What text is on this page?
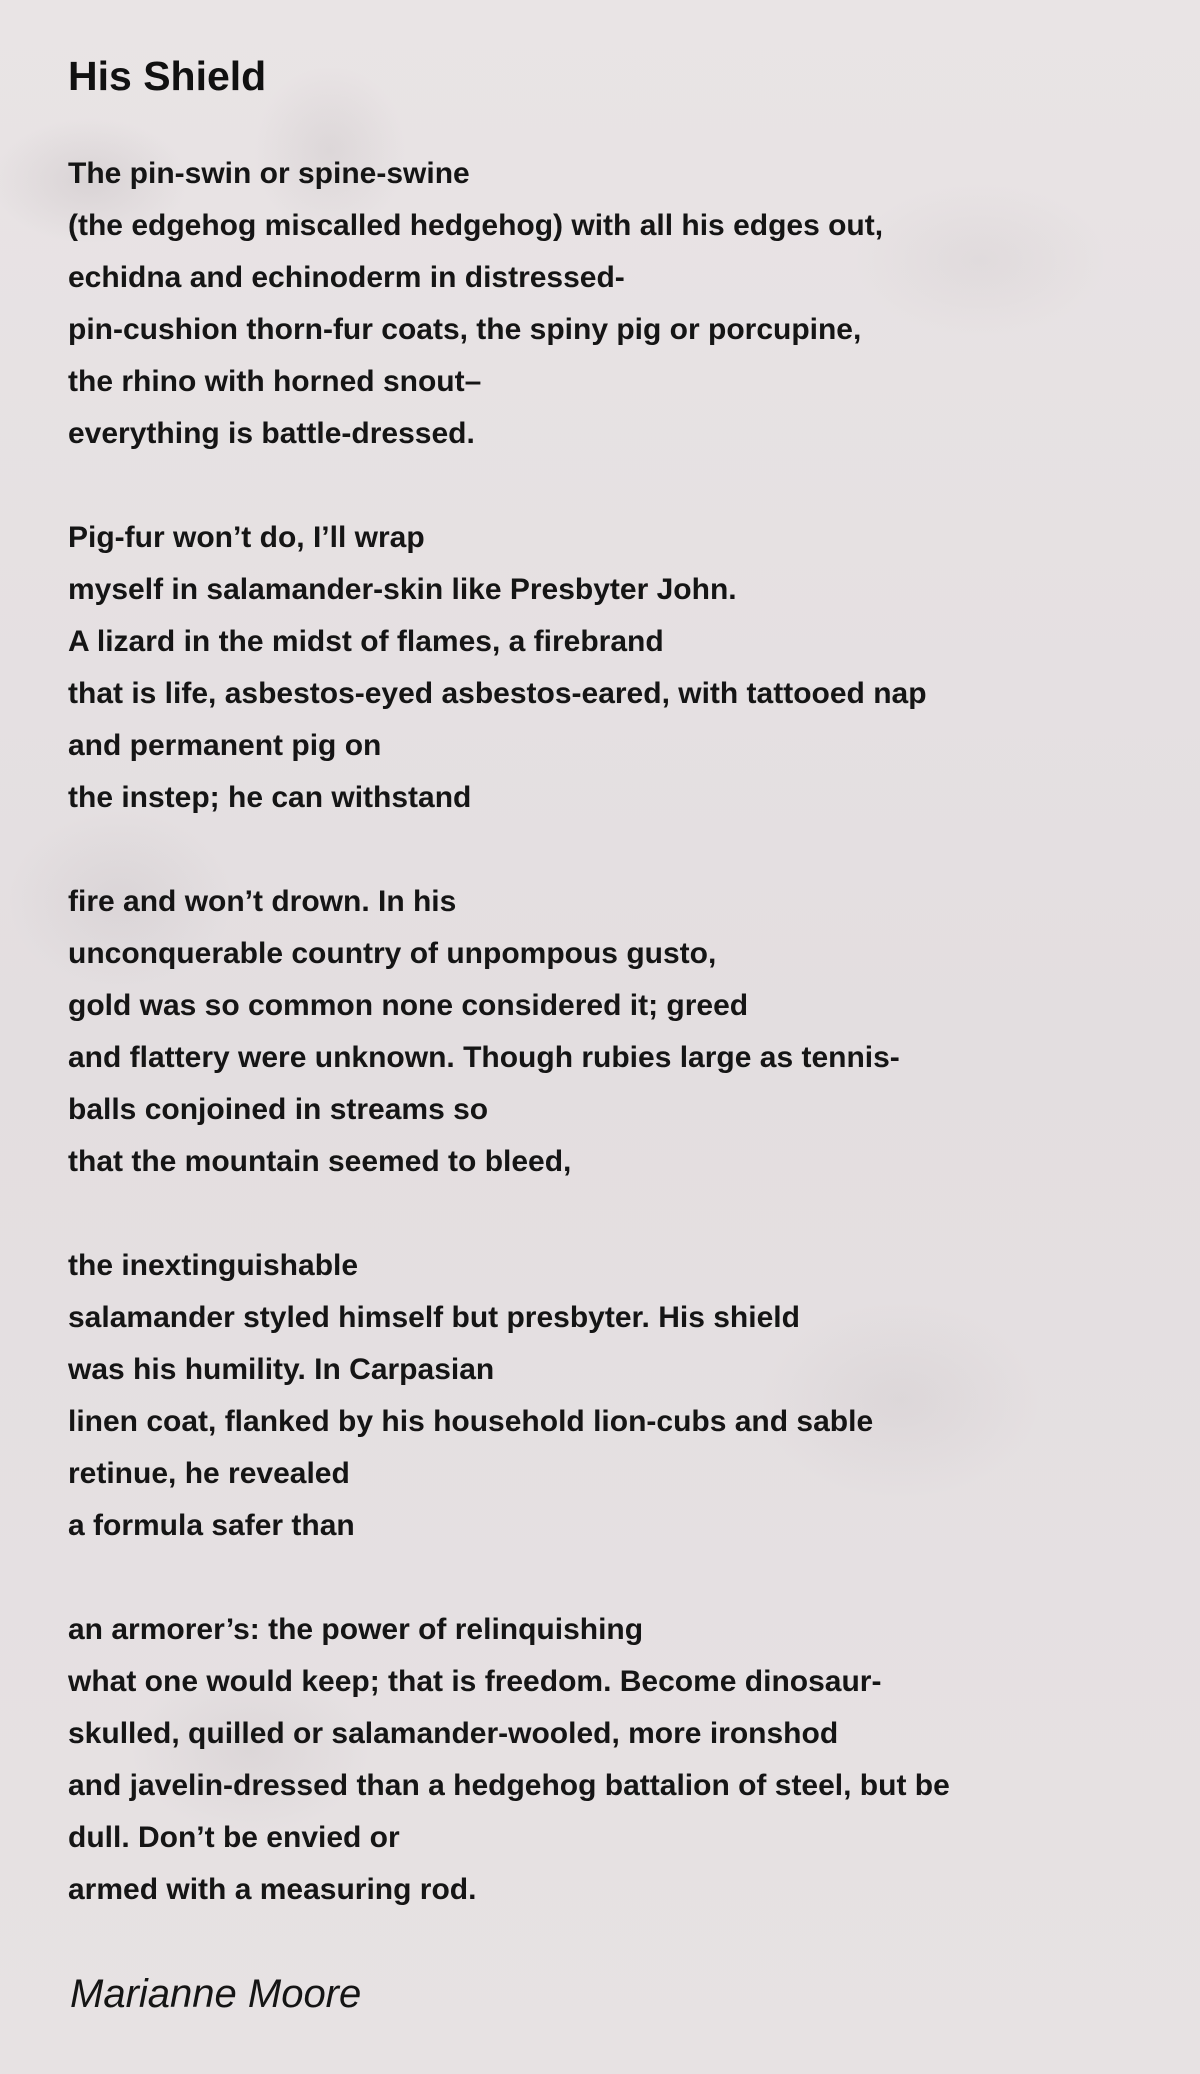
His Shield
The pin-swin or spine-swine
(the edgehog miscalled hedgehog) with all his edges out,
echidna and echinoderm in distressed-
pin-cushion thorn-fur coats, the spiny pig or porcupine,
the rhino with horned snout–
everything is battle-dressed.
Pig-fur won’t do, I’ll wrap
myself in salamander-skin like Presbyter John.
A lizard in the midst of flames, a firebrand
that is life, asbestos-eyed asbestos-eared, with tattooed nap
and permanent pig on
the instep; he can withstand
fire and won’t drown. In his
unconquerable country of unpompous gusto,
gold was so common none considered it; greed
and flattery were unknown. Though rubies large as tennis-
balls conjoined in streams so
that the mountain seemed to bleed,
the inextinguishable
salamander styled himself but presbyter. His shield
was his humility. In Carpasian
linen coat, flanked by his household lion-cubs and sable
retinue, he revealed
a formula safer than
an armorer’s: the power of relinquishing
what one would keep; that is freedom. Become dinosaur-
skulled, quilled or salamander-wooled, more ironshod
and javelin-dressed than a hedgehog battalion of steel, but be
dull. Don’t be envied or
armed with a measuring rod.
Marianne Moore
